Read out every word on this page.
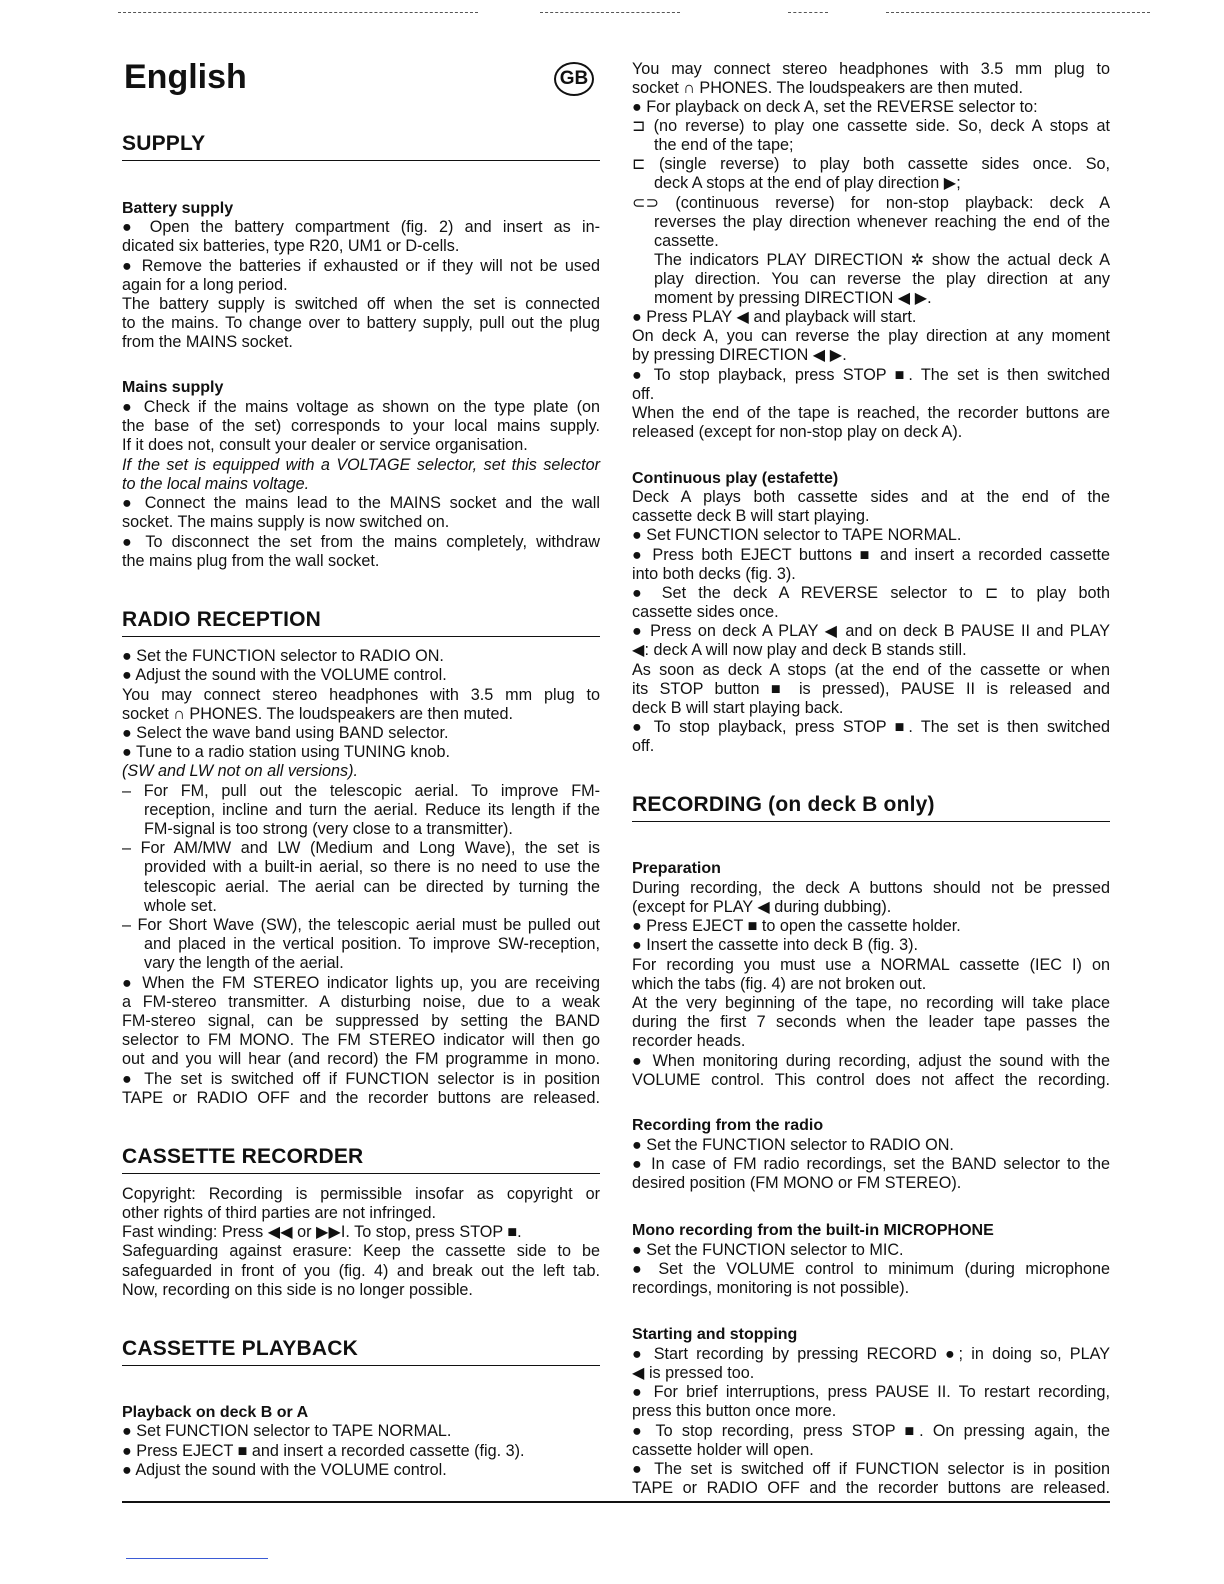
English	GB
SUPPLY
Battery supply
● Open the battery compartment (fig. 2) and insert as in-
dicated six batteries, type R20, UM1 or D-cells.
● Remove the batteries if exhausted or if they will not be used
again for a long period.
The battery supply is switched off when the set is connected
to the mains. To change over to battery supply, pull out the plug
from the MAINS socket.
Mains supply
● Check if the mains voltage as shown on the type plate (on
the base of the set) corresponds to your local mains supply.
If it does not, consult your dealer or service organisation.
If the set is equipped with a VOLTAGE selector, set this selector
to the local mains voltage.
● Connect the mains lead to the MAINS socket and the wall
socket. The mains supply is now switched on.
● To disconnect the set from the mains completely, withdraw
the mains plug from the wall socket.
RADIO RECEPTION
● Set the FUNCTION selector to RADIO ON.
● Adjust the sound with the VOLUME control.
You may connect stereo headphones with 3.5 mm plug to
socket ∩ PHONES. The loudspeakers are then muted.
● Select the wave band using BAND selector.
● Tune to a radio station using TUNING knob.
(SW and LW not on all versions).
– For FM, pull out the telescopic aerial. To improve FM-
reception, incline and turn the aerial. Reduce its length if the
FM-signal is too strong (very close to a transmitter).
– For AM/MW and LW (Medium and Long Wave), the set is
provided with a built-in aerial, so there is no need to use the
telescopic aerial. The aerial can be directed by turning the
whole set.
– For Short Wave (SW), the telescopic aerial must be pulled out
and placed in the vertical position. To improve SW-reception,
vary the length of the aerial.
● When the FM STEREO indicator lights up, you are receiving
a FM-stereo transmitter. A disturbing noise, due to a weak
FM-stereo signal, can be suppressed by setting the BAND
selector to FM MONO. The FM STEREO indicator will then go
out and you will hear (and record) the FM programme in mono.
● The set is switched off if FUNCTION selector is in position
TAPE or RADIO OFF and the recorder buttons are released.
CASSETTE RECORDER
Copyright: Recording is permissible insofar as copyright or
other rights of third parties are not infringed.
Fast winding: Press ◀◀ or ▶▶I. To stop, press STOP ■.
Safeguarding against erasure: Keep the cassette side to be
safeguarded in front of you (fig. 4) and break out the left tab.
Now, recording on this side is no longer possible.
CASSETTE PLAYBACK
Playback on deck B or A
● Set FUNCTION selector to TAPE NORMAL.
● Press EJECT ■ and insert a recorded cassette (fig. 3).
● Adjust the sound with the VOLUME control.
You may connect stereo headphones with 3.5 mm plug to
socket ∩ PHONES. The loudspeakers are then muted.
● For playback on deck A, set the REVERSE selector to:
⊐ (no reverse) to play one cassette side. So, deck A stops at
the end of the tape;
⊏ (single reverse) to play both cassette sides once. So,
deck A stops at the end of play direction ▶;
⊂⊃ (continuous reverse) for non-stop playback: deck A
reverses the play direction whenever reaching the end of the
cassette.
The indicators PLAY DIRECTION ✲ show the actual deck A
play direction. You can reverse the play direction at any
moment by pressing DIRECTION ◀ ▶.
● Press PLAY ◀ and playback will start.
On deck A, you can reverse the play direction at any moment
by pressing DIRECTION ◀ ▶.
● To stop playback, press STOP ■. The set is then switched
off.
When the end of the tape is reached, the recorder buttons are
released (except for non-stop play on deck A).
Continuous play (estafette)
Deck A plays both cassette sides and at the end of the
cassette deck B will start playing.
● Set FUNCTION selector to TAPE NORMAL.
● Press both EJECT buttons ■ and insert a recorded cassette
into both decks (fig. 3).
● Set the deck A REVERSE selector to ⊏ to play both
cassette sides once.
● Press on deck A PLAY ◀ and on deck B PAUSE II and PLAY
◀: deck A will now play and deck B stands still.
As soon as deck A stops (at the end of the cassette or when
its STOP button ■ is pressed), PAUSE II is released and
deck B will start playing back.
● To stop playback, press STOP ■. The set is then switched
off.
RECORDING (on deck B only)
Preparation
During recording, the deck A buttons should not be pressed
(except for PLAY ◀ during dubbing).
● Press EJECT ■ to open the cassette holder.
● Insert the cassette into deck B (fig. 3).
For recording you must use a NORMAL cassette (IEC I) on
which the tabs (fig. 4) are not broken out.
At the very beginning of the tape, no recording will take place
during the first 7 seconds when the leader tape passes the
recorder heads.
● When monitoring during recording, adjust the sound with the
VOLUME control. This control does not affect the recording.
Recording from the radio
● Set the FUNCTION selector to RADIO ON.
● In case of FM radio recordings, set the BAND selector to the
desired position (FM MONO or FM STEREO).
Mono recording from the built-in MICROPHONE
● Set the FUNCTION selector to MIC.
● Set the VOLUME control to minimum (during microphone
recordings, monitoring is not possible).
Starting and stopping
● Start recording by pressing RECORD ●; in doing so, PLAY
◀ is pressed too.
● For brief interruptions, press PAUSE II. To restart recording,
press this button once more.
● To stop recording, press STOP ■. On pressing again, the
cassette holder will open.
● The set is switched off if FUNCTION selector is in position
TAPE or RADIO OFF and the recorder buttons are released.
